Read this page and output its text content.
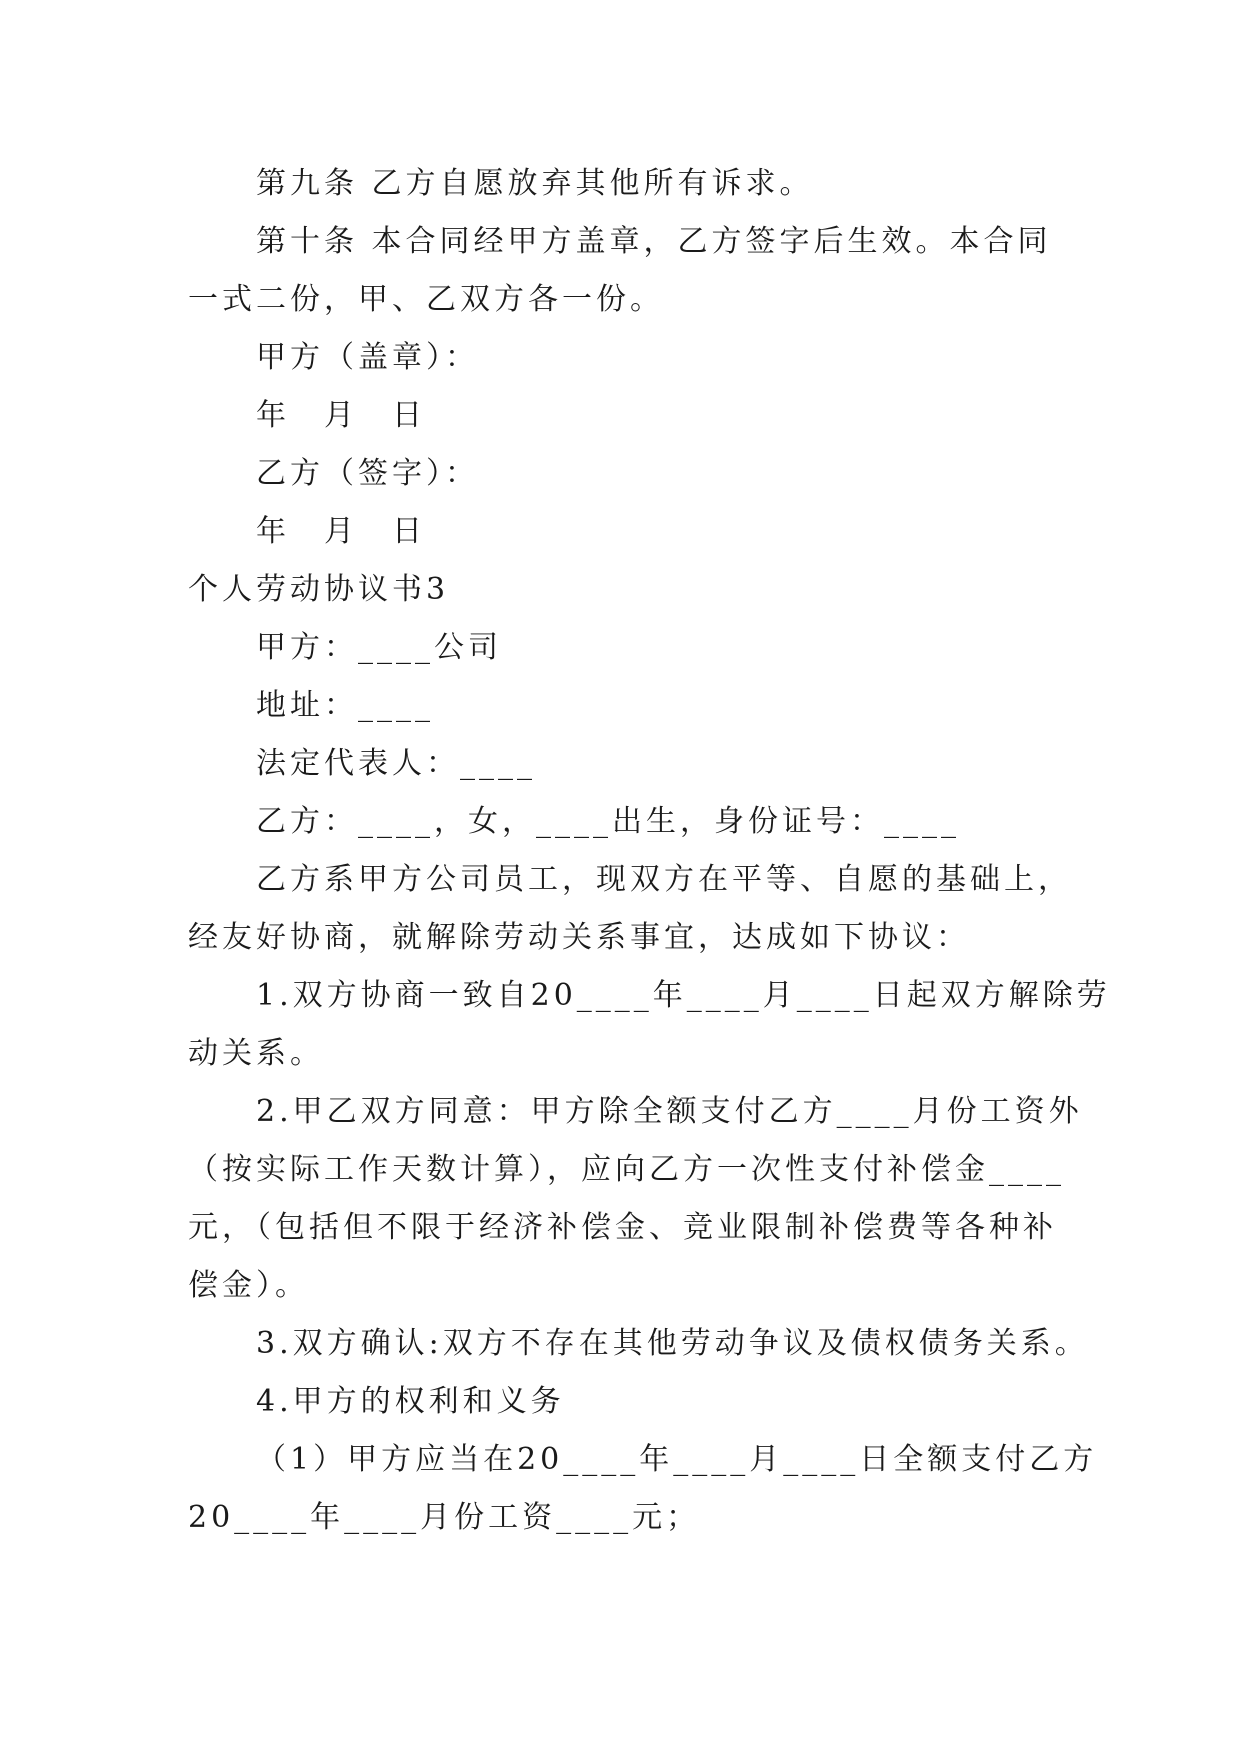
第九条 乙方自愿放弃其他所有诉求。
第十条 本合同经甲方盖章，乙方签字后生效。本合同
一式二份，甲、乙双方各一份。
甲方（盖章）：
年　月　日
乙方（签字）：
年　月　日
个人劳动协议书3
甲方：____公司
地址：____
法定代表人：____
乙方：____，女，____出生，身份证号：____
乙方系甲方公司员工，现双方在平等、自愿的基础上，
经友好协商，就解除劳动关系事宜，达成如下协议：
1.双方协商一致自20____年____月____日起双方解除劳
动关系。
2.甲乙双方同意：甲方除全额支付乙方____月份工资外
（按实际工作天数计算），应向乙方一次性支付补偿金____
元，（包括但不限于经济补偿金、竞业限制补偿费等各种补
偿金）。
3.双方确认:双方不存在其他劳动争议及债权债务关系。
4.甲方的权利和义务
（1）甲方应当在20____年____月____日全额支付乙方
20____年____月份工资____元；
